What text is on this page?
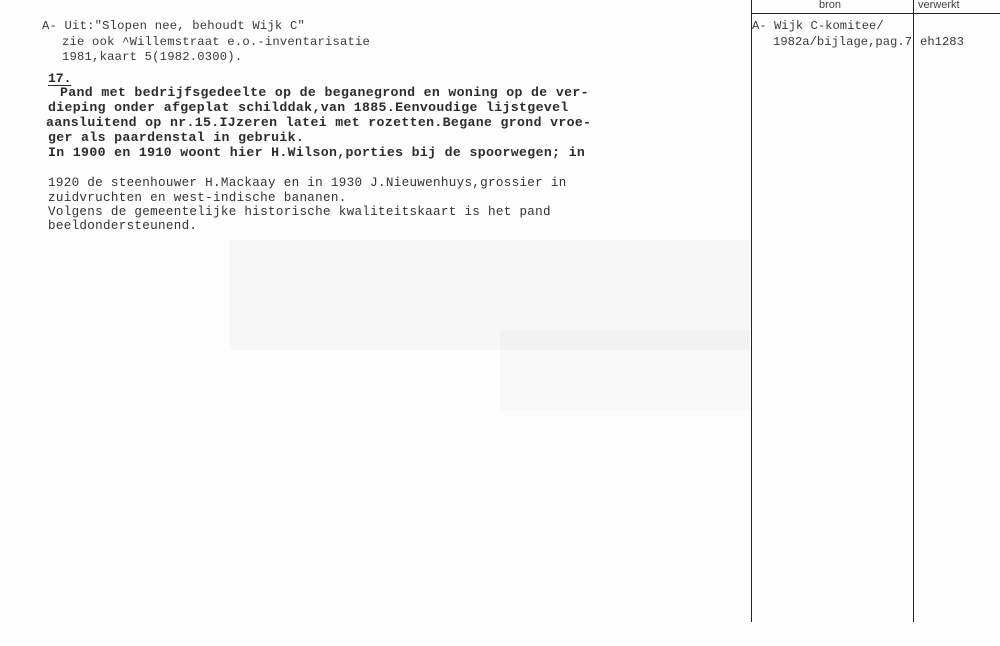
bron	verwerkt
A- Uit:"Slopen nee, behoudt Wijk C"
zie ook ^Willemstraat e.o.-inventarisatie
1981,kaart 5(1982.0300).
17.
Pand met bedrijfsgedeelte op de beganegrond en woning op de ver-
dieping onder afgeplat schilddak,van 1885.Eenvoudige lijstgevel
aansluitend op nr.15.IJzeren latei met rozetten.Begane grond vroe-
ger als paardenstal in gebruik.
In 1900 en 1910 woont hier H.Wilson,porties bij de spoorwegen; in
1920 de steenhouwer H.Mackaay en in 1930 J.Nieuwenhuys,grossier in
zuidvruchten en west-indische bananen.
Volgens de gemeentelijke historische kwaliteitskaart is het pand
beeldondersteunend.
A- Wijk C-komitee/
1982a/bijlage,pag.7 eh1283
